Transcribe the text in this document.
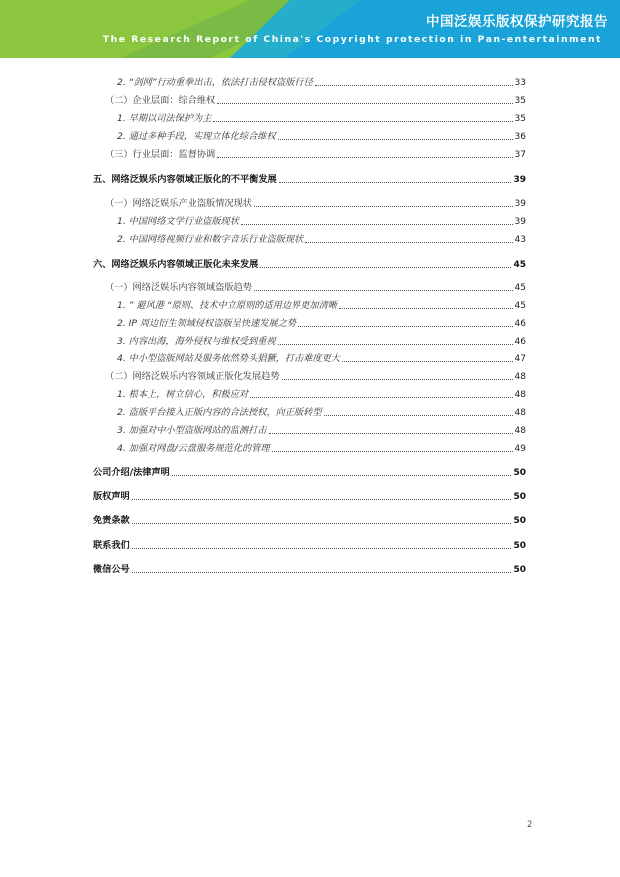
中国泛娱乐版权保护研究报告
The Research Report of China's Copyright protection in Pan-entertainment
2. “剑网”行动重拳出击，依法打击侵权盗版行径	33
（二）企业层面：综合维权	35
1. 早期以司法保护为主	35
2. 通过多种手段，实现立体化综合维权	36
（三）行业层面：监督协调	37
五、网络泛娱乐内容领域正版化的不平衡发展	39
（一）网络泛娱乐产业盗版情况现状	39
1. 中国网络文学行业盗版现状	39
2. 中国网络视频行业和数字音乐行业盗版现状	43
六、网络泛娱乐内容领域正版化未来发展	45
（一）网络泛娱乐内容领域盗版趋势	45
1. ” 避风港 “原则、技术中立原则的适用边界更加清晰	45
2. IP 周边衍生领域侵权盗版呈快速发展之势	46
3. 内容出海，海外侵权与维权受到重视	46
4. 中小型盗版网站及服务依然势头猖獗，打击难度更大	47
（二）网络泛娱乐内容领域正版化发展趋势	48
1. 根本上，树立信心，积极应对	48
2. 盗版平台接入正版内容的合法授权，向正版转型	48
3. 加强对中小型盗版网站的监测打击	48
4. 加强对网盘/云盘服务规范化的管理	49
公司介绍/法律声明	50
版权声明	50
免责条款	50
联系我们	50
微信公号	50
2
